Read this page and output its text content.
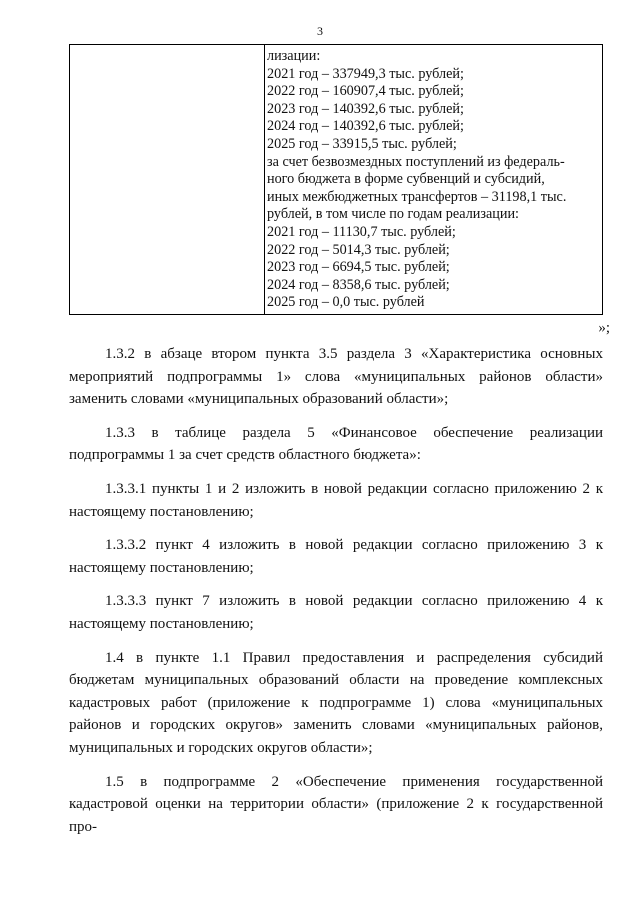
3
лизации:
2021 год – 337949,3 тыс. рублей;
2022 год – 160907,4 тыс. рублей;
2023 год – 140392,6 тыс. рублей;
2024 год – 140392,6 тыс. рублей;
2025 год – 33915,5 тыс. рублей;
за счет безвозмездных поступлений из федераль-
ного бюджета в форме субвенций и субсидий,
иных межбюджетных трансфертов – 31198,1 тыс.
рублей, в том числе по годам реализации:
2021 год – 11130,7 тыс. рублей;
2022 год – 5014,3 тыс. рублей;
2023 год – 6694,5 тыс. рублей;
2024 год – 8358,6 тыс. рублей;
2025 год – 0,0 тыс. рублей
»;

1.3.2 в абзаце втором пункта 3.5 раздела 3 «Характеристика основных мероприятий подпрограммы 1» слова «муниципальных районов области» заменить словами «муниципальных образований области»;

1.3.3 в таблице раздела 5 «Финансовое обеспечение реализации подпрограммы 1 за счет средств областного бюджета»:

1.3.3.1 пункты 1 и 2 изложить в новой редакции согласно приложению 2 к настоящему постановлению;

1.3.3.2 пункт 4 изложить в новой редакции согласно приложению 3 к настоящему постановлению;

1.3.3.3 пункт 7 изложить в новой редакции согласно приложению 4 к настоящему постановлению;

1.4 в пункте 1.1 Правил предоставления и распределения субсидий бюджетам муниципальных образований области на проведение комплексных кадастровых работ (приложение к подпрограмме 1) слова «муниципальных районов и городских округов» заменить словами «муниципальных районов, муниципальных и городских округов области»;

1.5 в подпрограмме 2 «Обеспечение применения государственной кадастровой оценки на территории области» (приложение 2 к государственной про-
